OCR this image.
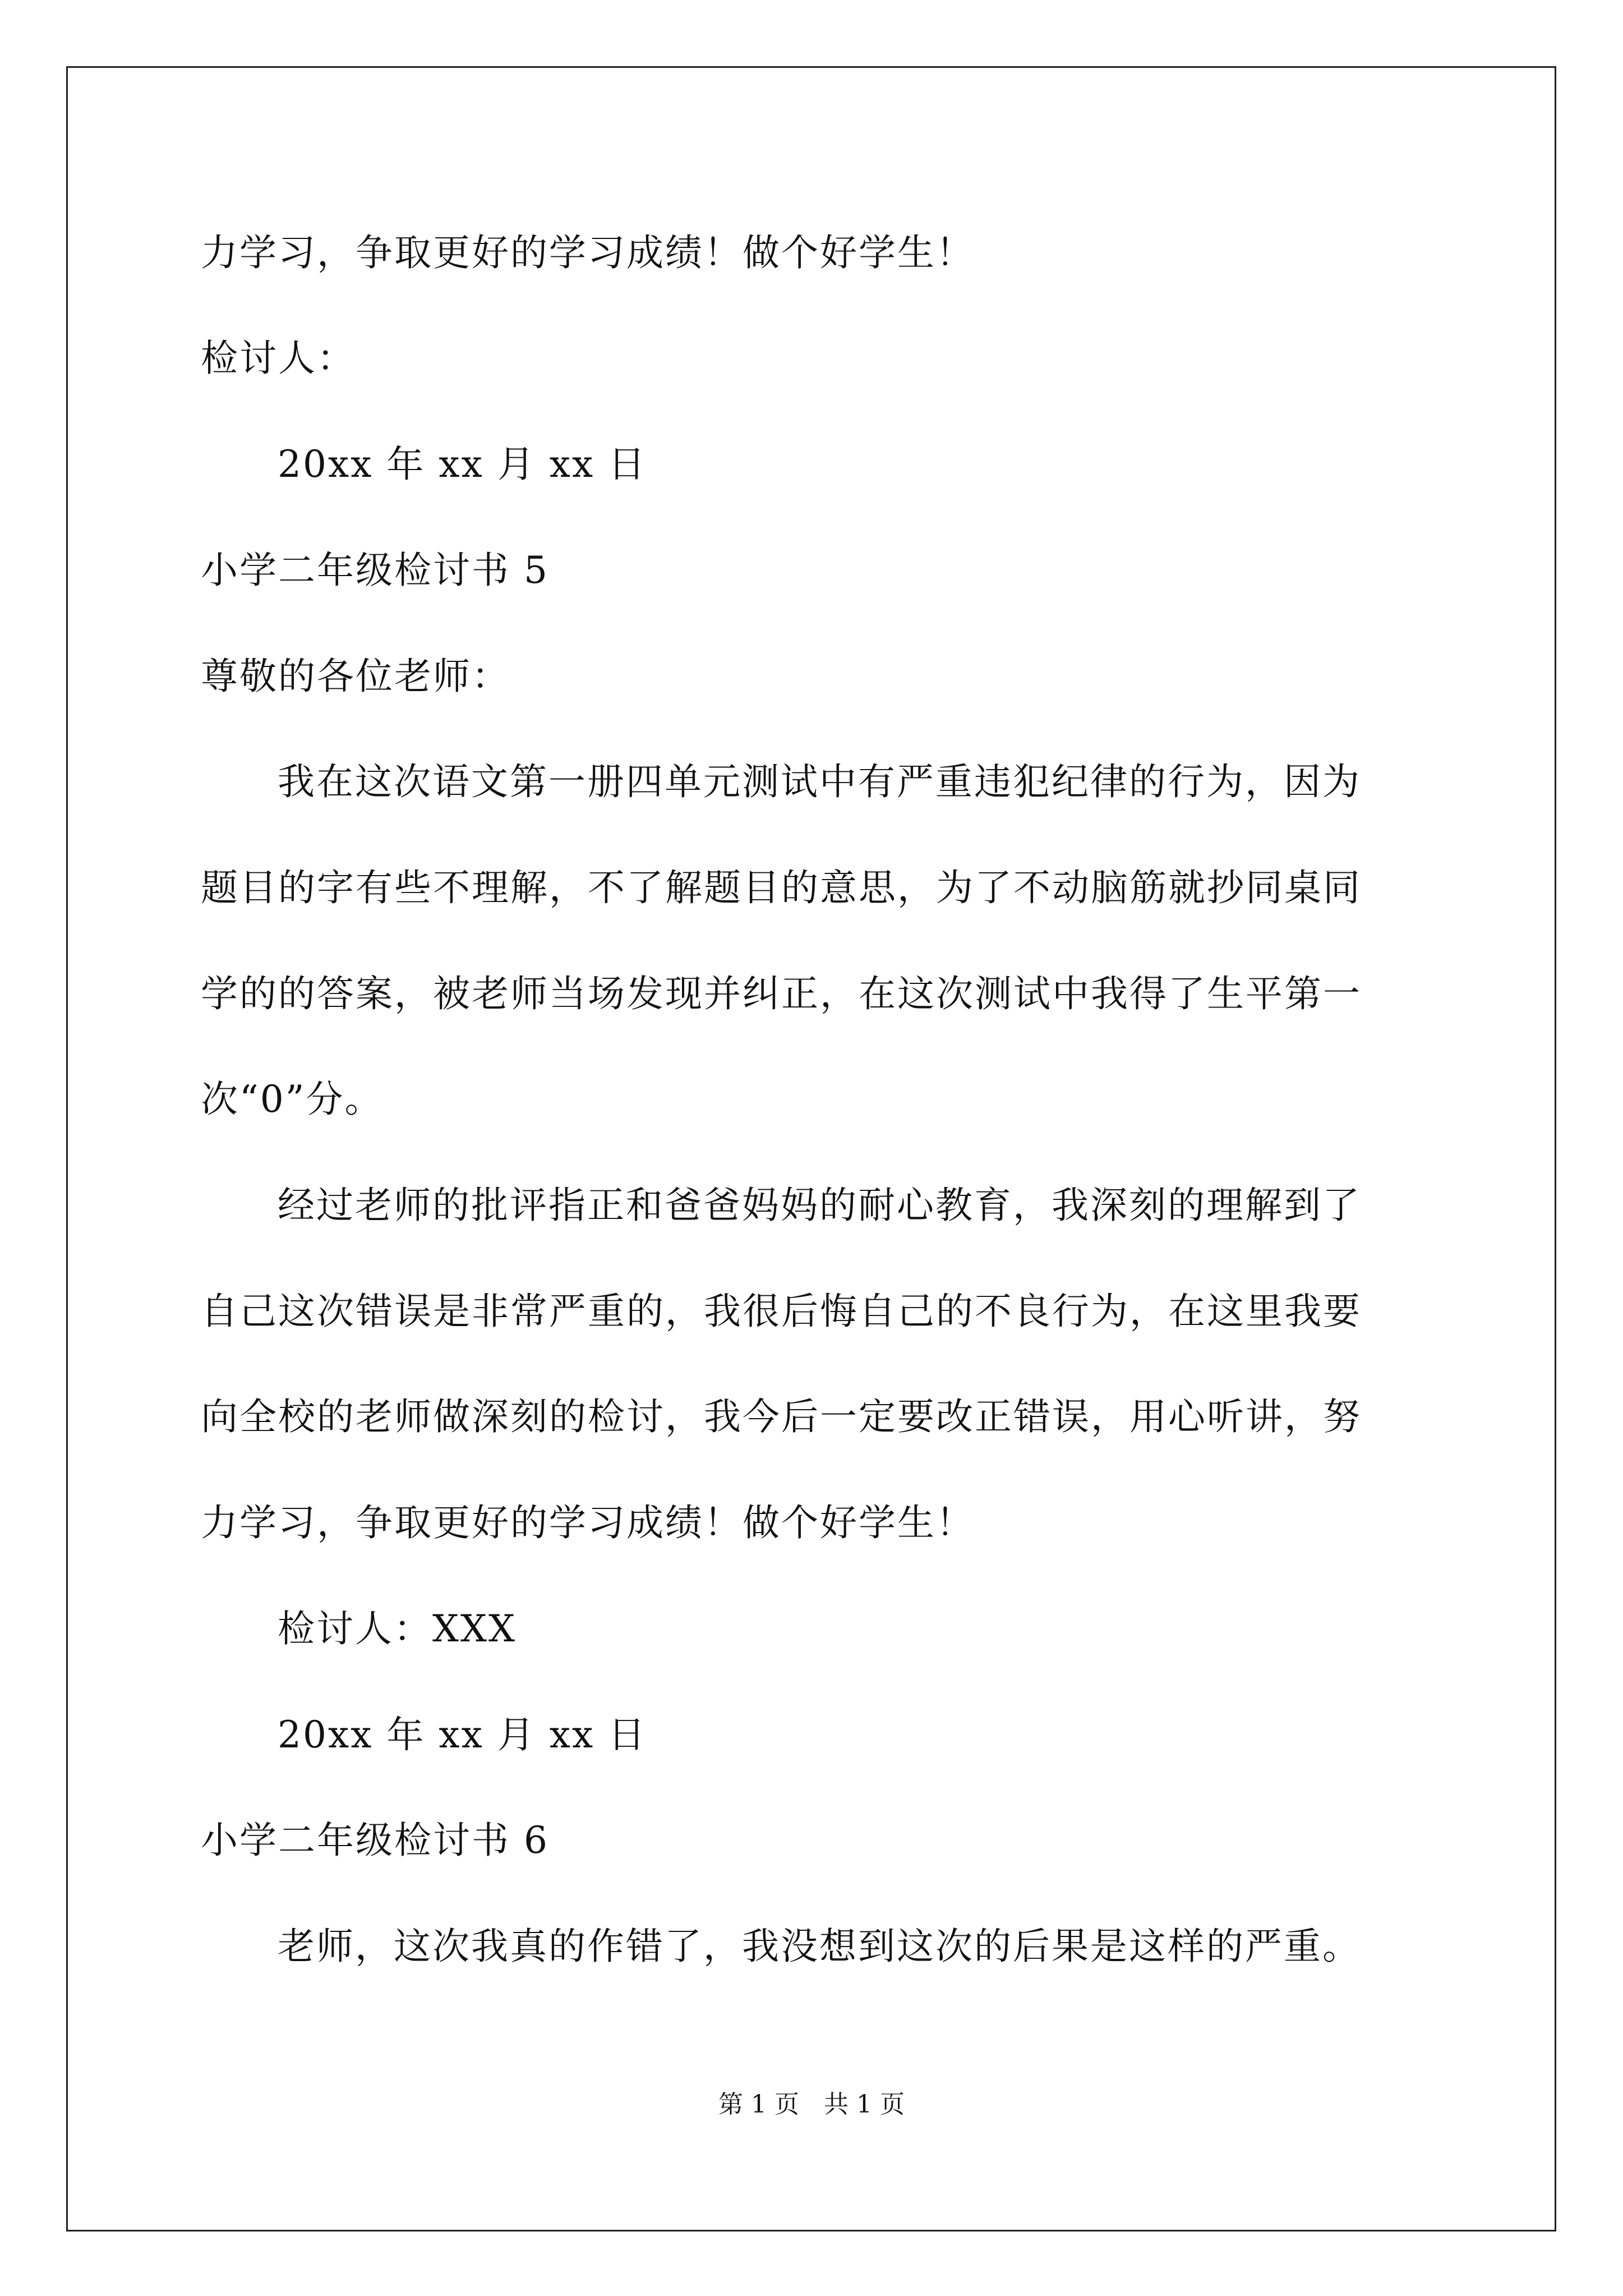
力学习，争取更好的学习成绩！做个好学生！
检讨人：
20xx 年 xx 月 xx 日
小学二年级检讨书 5
尊敬的各位老师：
我在这次语文第一册四单元测试中有严重违犯纪律的行为，因为
题目的字有些不理解，不了解题目的意思，为了不动脑筋就抄同桌同
学的的答案，被老师当场发现并纠正，在这次测试中我得了生平第一
次“0”分。
经过老师的批评指正和爸爸妈妈的耐心教育，我深刻的理解到了
自己这次错误是非常严重的，我很后悔自己的不良行为，在这里我要
向全校的老师做深刻的检讨，我今后一定要改正错误，用心听讲，努
力学习，争取更好的学习成绩！做个好学生！
检讨人：XXX
20xx 年 xx 月 xx 日
小学二年级检讨书 6
老师，这次我真的作错了，我没想到这次的后果是这样的严重。
第 1 页　共 1 页
